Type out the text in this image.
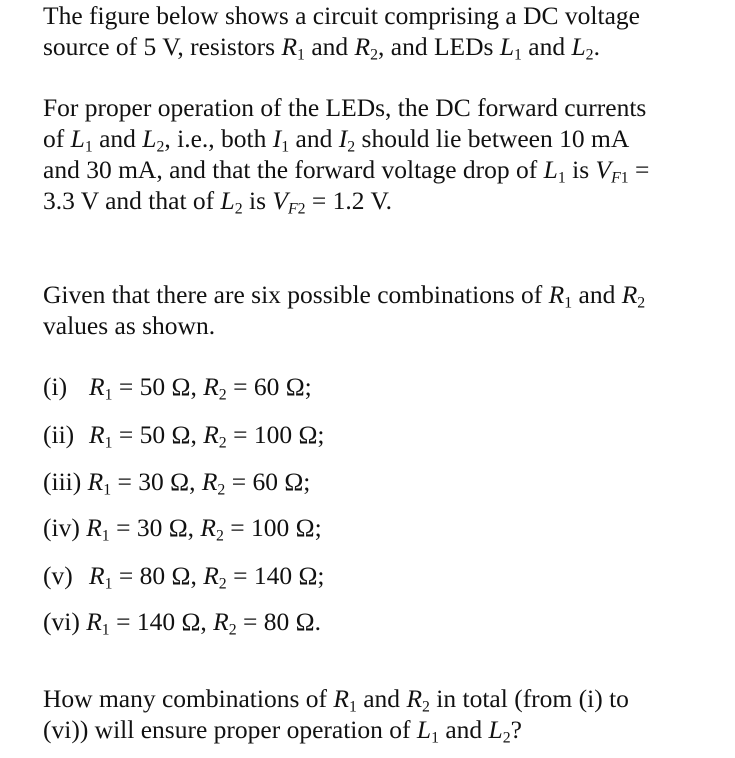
The figure below shows a circuit comprising a DC voltage
source of 5 V, resistors $R_1$ and $R_2$, and LEDs $L_1$ and $L_2$.
For proper operation of the LEDs, the DC forward currents
of $L_1$ and $L_2$, i.e., both $I_1$ and $I_2$ should lie between 10 mA
and 30 mA, and that the forward voltage drop of $L_1$ is $V_{F1}$ =
3.3 V and that of $L_2$ is $V_{F2} = 1.2$ V.
Given that there are six possible combinations of $R_1$ and $R_2$
values as shown.
(i) $R_1 = 50$ Ω, $R_2 = 60$ Ω;
(ii) $R_1 = 50$ Ω, $R_2 = 100$ Ω;
(iii) $R_1 = 30$ Ω, $R_2 = 60$ Ω;
(iv) $R_1 = 30$ Ω, $R_2 = 100$ Ω;
(v) $R_1 = 80$ Ω, $R_2 = 140$ Ω;
(vi) $R_1 = 140$ Ω, $R_2 = 80$ Ω.
How many combinations of $R_1$ and $R_2$ in total (from (i) to
(vi)) will ensure proper operation of $L_1$ and $L_2$?
